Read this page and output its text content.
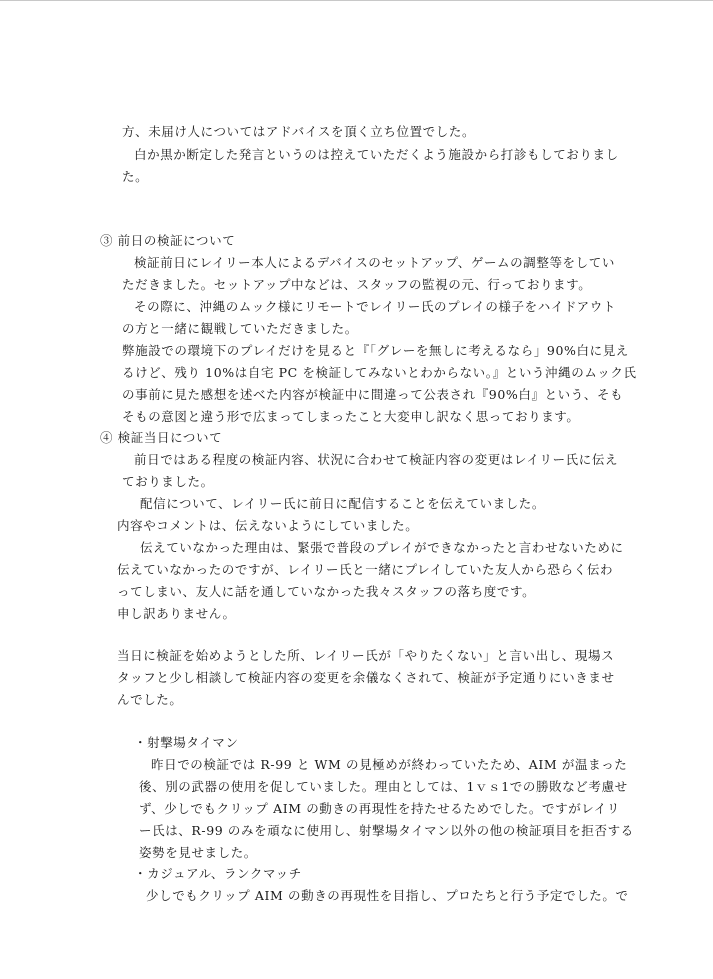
方、未届け人についてはアドバイスを頂く立ち位置でした。
白か黒か断定した発言というのは控えていただくよう施設から打診もしておりまし
た。
③ 前日の検証について
検証前日にレイリー本人によるデバイスのセットアップ、ゲームの調整等をしてい
ただきました。セットアップ中などは、スタッフの監視の元、行っております。
その際に、沖縄のムック様にリモートでレイリー氏のプレイの様子をハイドアウト
の方と一緒に観戦していただきました。
弊施設での環境下のプレイだけを見ると『「グレーを無しに考えるなら」90%白に見え
るけど、残り 10%は自宅 PC を検証してみないとわからない。』という沖縄のムック氏
の事前に見た感想を述べた内容が検証中に間違って公表され『90%白』という、そも
そもの意図と違う形で広まってしまったこと大変申し訳なく思っております。
④ 検証当日について
前日ではある程度の検証内容、状況に合わせて検証内容の変更はレイリー氏に伝え
ておりました。
配信について、レイリー氏に前日に配信することを伝えていました。
内容やコメントは、伝えないようにしていました。
伝えていなかった理由は、緊張で普段のプレイができなかったと言わせないために
伝えていなかったのですが、レイリー氏と一緒にプレイしていた友人から恐らく伝わ
ってしまい、友人に話を通していなかった我々スタッフの落ち度です。
申し訳ありません。
当日に検証を始めようとした所、レイリー氏が「やりたくない」と言い出し、現場ス
タッフと少し相談して検証内容の変更を余儀なくされて、検証が予定通りにいきませ
んでした。
・射撃場タイマン
昨日での検証では R-99 と WM の見極めが終わっていたため、AIM が温まった
後、別の武器の使用を促していました。理由としては、1ｖｓ1での勝敗など考慮せ
ず、少しでもクリップ AIM の動きの再現性を持たせるためでした。ですがレイリ
ー氏は、R-99 のみを頑なに使用し、射撃場タイマン以外の他の検証項目を拒否する
姿勢を見せました。
・カジュアル、ランクマッチ
少しでもクリップ AIM の動きの再現性を目指し、プロたちと行う予定でした。で
